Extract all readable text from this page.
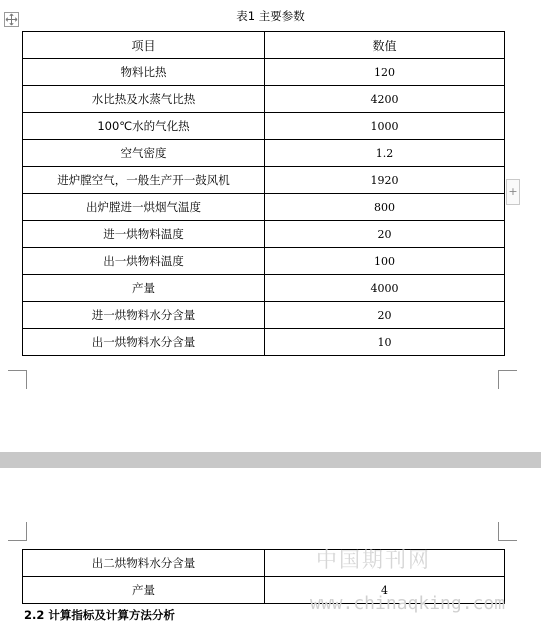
表1 主要参数
项目	数值
物料比热	120
水比热及水蒸气比热	4200
100℃水的气化热	1000
空气密度	1.2
进炉膛空气，一般生产开一鼓风机	1920
出炉膛进一烘烟气温度	800
进一烘物料温度	20
出一烘物料温度	100
产量	4000
进一烘物料水分含量	20
出一烘物料水分含量	10
+
出二烘物料水分含量	
产量	4
2.2 计算指标及计算方法分析
中国期刊网
www.chinaqking.com
